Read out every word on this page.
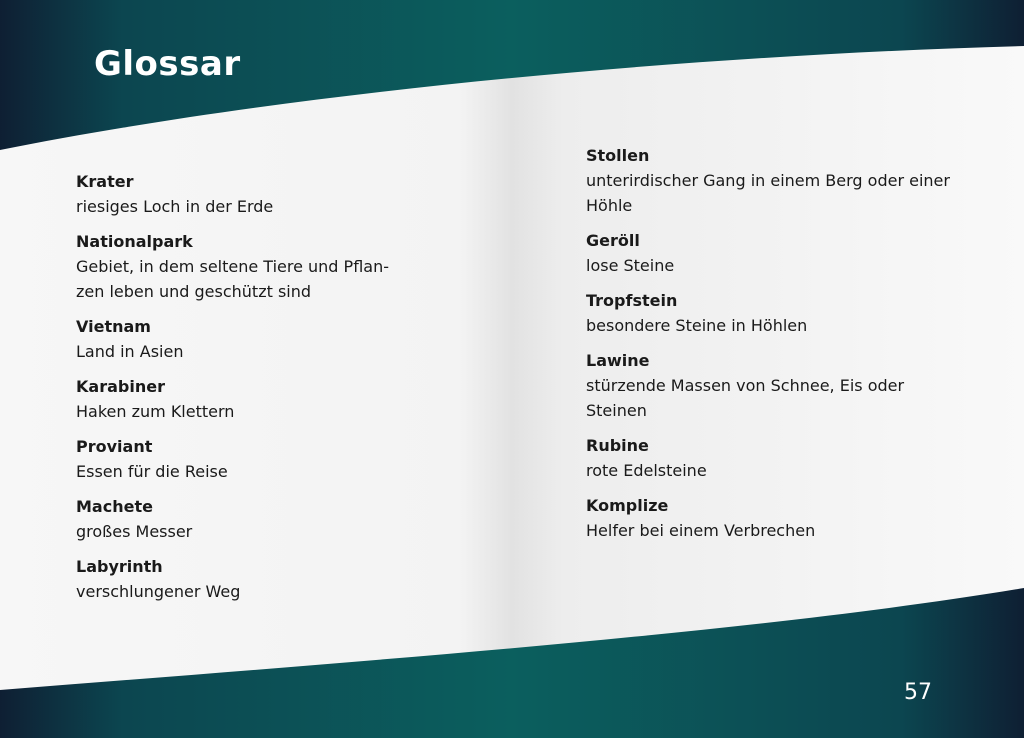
Glossar
Krater
riesiges Loch in der Erde
Nationalpark
Gebiet, in dem seltene Tiere und Pflan-
zen leben und geschützt sind
Vietnam
Land in Asien
Karabiner
Haken zum Klettern
Proviant
Essen für die Reise
Machete
großes Messer
Labyrinth
verschlungener Weg
Stollen
unterirdischer Gang in einem Berg oder einer
Höhle
Geröll
lose Steine
Tropfstein
besondere Steine in Höhlen
Lawine
stürzende Massen von Schnee, Eis oder
Steinen
Rubine
rote Edelsteine
Komplize
Helfer bei einem Verbrechen
57
